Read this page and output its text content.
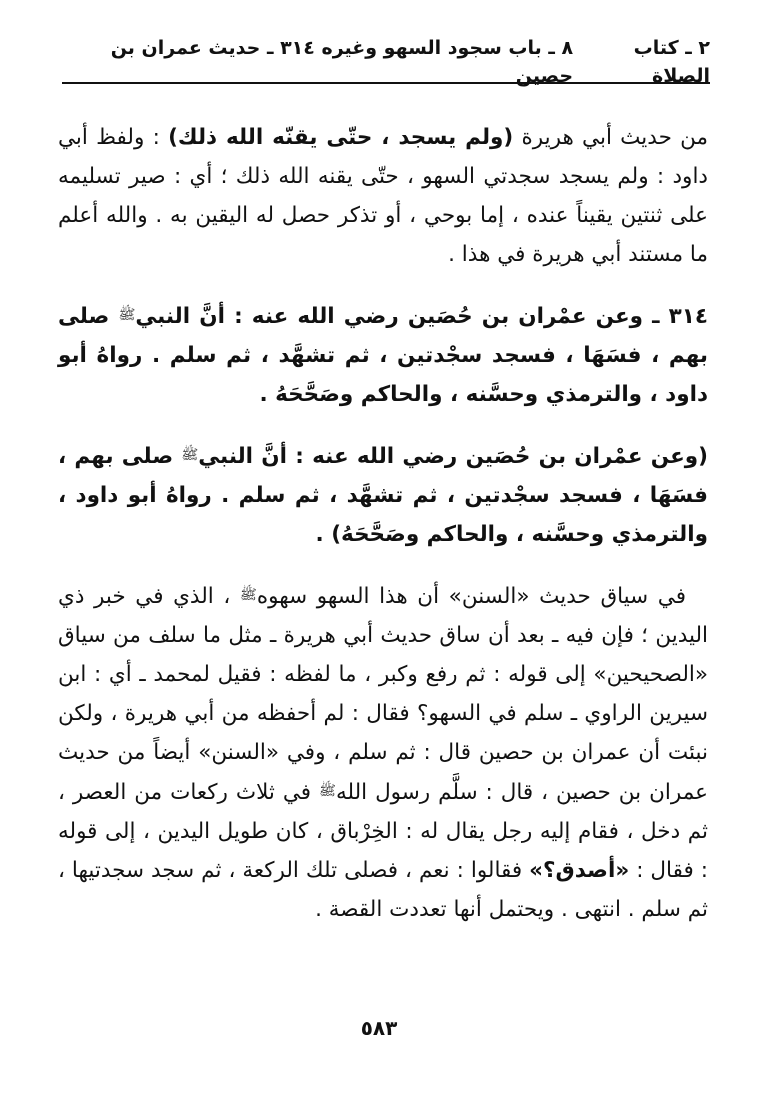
٢ ـ كتاب الصلاة
٨ ـ باب سجود السهو وغيره ٣١٤ ـ حديث عمران بن حصين

من حديث أبي هريرة (ولم يسجد ، حتّى يقنّه الله ذلك) : ولفظ أبي داود : ولم يسجد سجدتي السهو ، حتّى يقنه الله ذلك ؛ أي : صير تسليمه على ثنتين يقيناً عنده ، إما بوحي ، أو تذكر حصل له اليقين به . والله أعلم ما مستند أبي هريرة في هذا .

٣١٤ ـ وعن عمْران بن حُصَين رضي الله عنه : أنَّ النبيﷺ صلى بهم ، فسَهَا ، فسجد سجْدتين ، ثم تشهَّد ، ثم سلم . رواهُ أبو داود ، والترمذي وحسَّنه ، والحاكم وصَحَّحَهُ .

(وعن عمْران بن حُصَين رضي الله عنه : أنَّ النبيﷺ صلى بهم ، فسَهَا ، فسجد سجْدتين ، ثم تشهَّد ، ثم سلم . رواهُ أبو داود ، والترمذي وحسَّنه ، والحاكم وصَحَّحَهُ) .

في سياق حديث «السنن» أن هذا السهو سهوهﷺ ، الذي في خبر ذي اليدين ؛ فإن فيه ـ بعد أن ساق حديث أبي هريرة ـ مثل ما سلف من سياق «الصحيحين» إلى قوله : ثم رفع وكبر ، ما لفظه : فقيل لمحمد ـ أي : ابن سيرين الراوي ـ سلم في السهو؟ فقال : لم أحفظه من أبي هريرة ، ولكن نبئت أن عمران بن حصين قال : ثم سلم ، وفي «السنن» أيضاً من حديث عمران بن حصين ، قال : سلَّم رسول اللهﷺ في ثلاث ركعات من العصر ، ثم دخل ، فقام إليه رجل يقال له : الخِرْباق ، كان طويل اليدين ، إلى قوله : فقال : «أصدق؟» فقالوا : نعم ، فصلى تلك الركعة ، ثم سجد سجدتيها ، ثم سلم . انتهى . ويحتمل أنها تعددت القصة .

٥٨٣
